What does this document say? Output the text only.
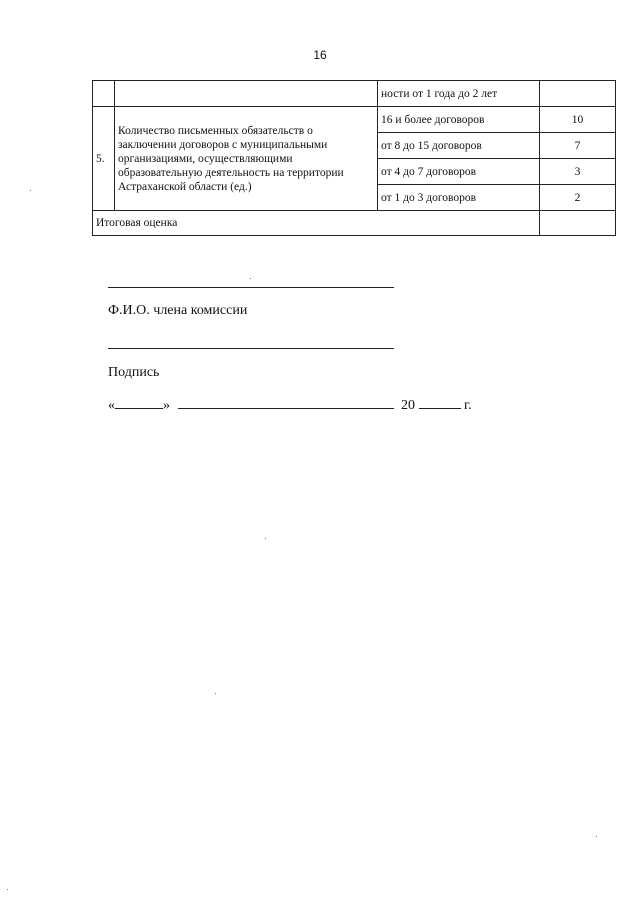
16
		ности от 1 года до 2 лет	
5.	Количество письменных обязательств о заключении договоров с муниципальными организациями, осуществляющими образовательную деятельность на территории Астраханской области (ед.)	16 и более договоров	10
		от 8 до 15 договоров	7
		от 4 до 7 договоров	3
		от 1 до 3 договоров	2
Итоговая оценка			
Ф.И.О. члена комиссии
Подпись
«	»	20	г.
